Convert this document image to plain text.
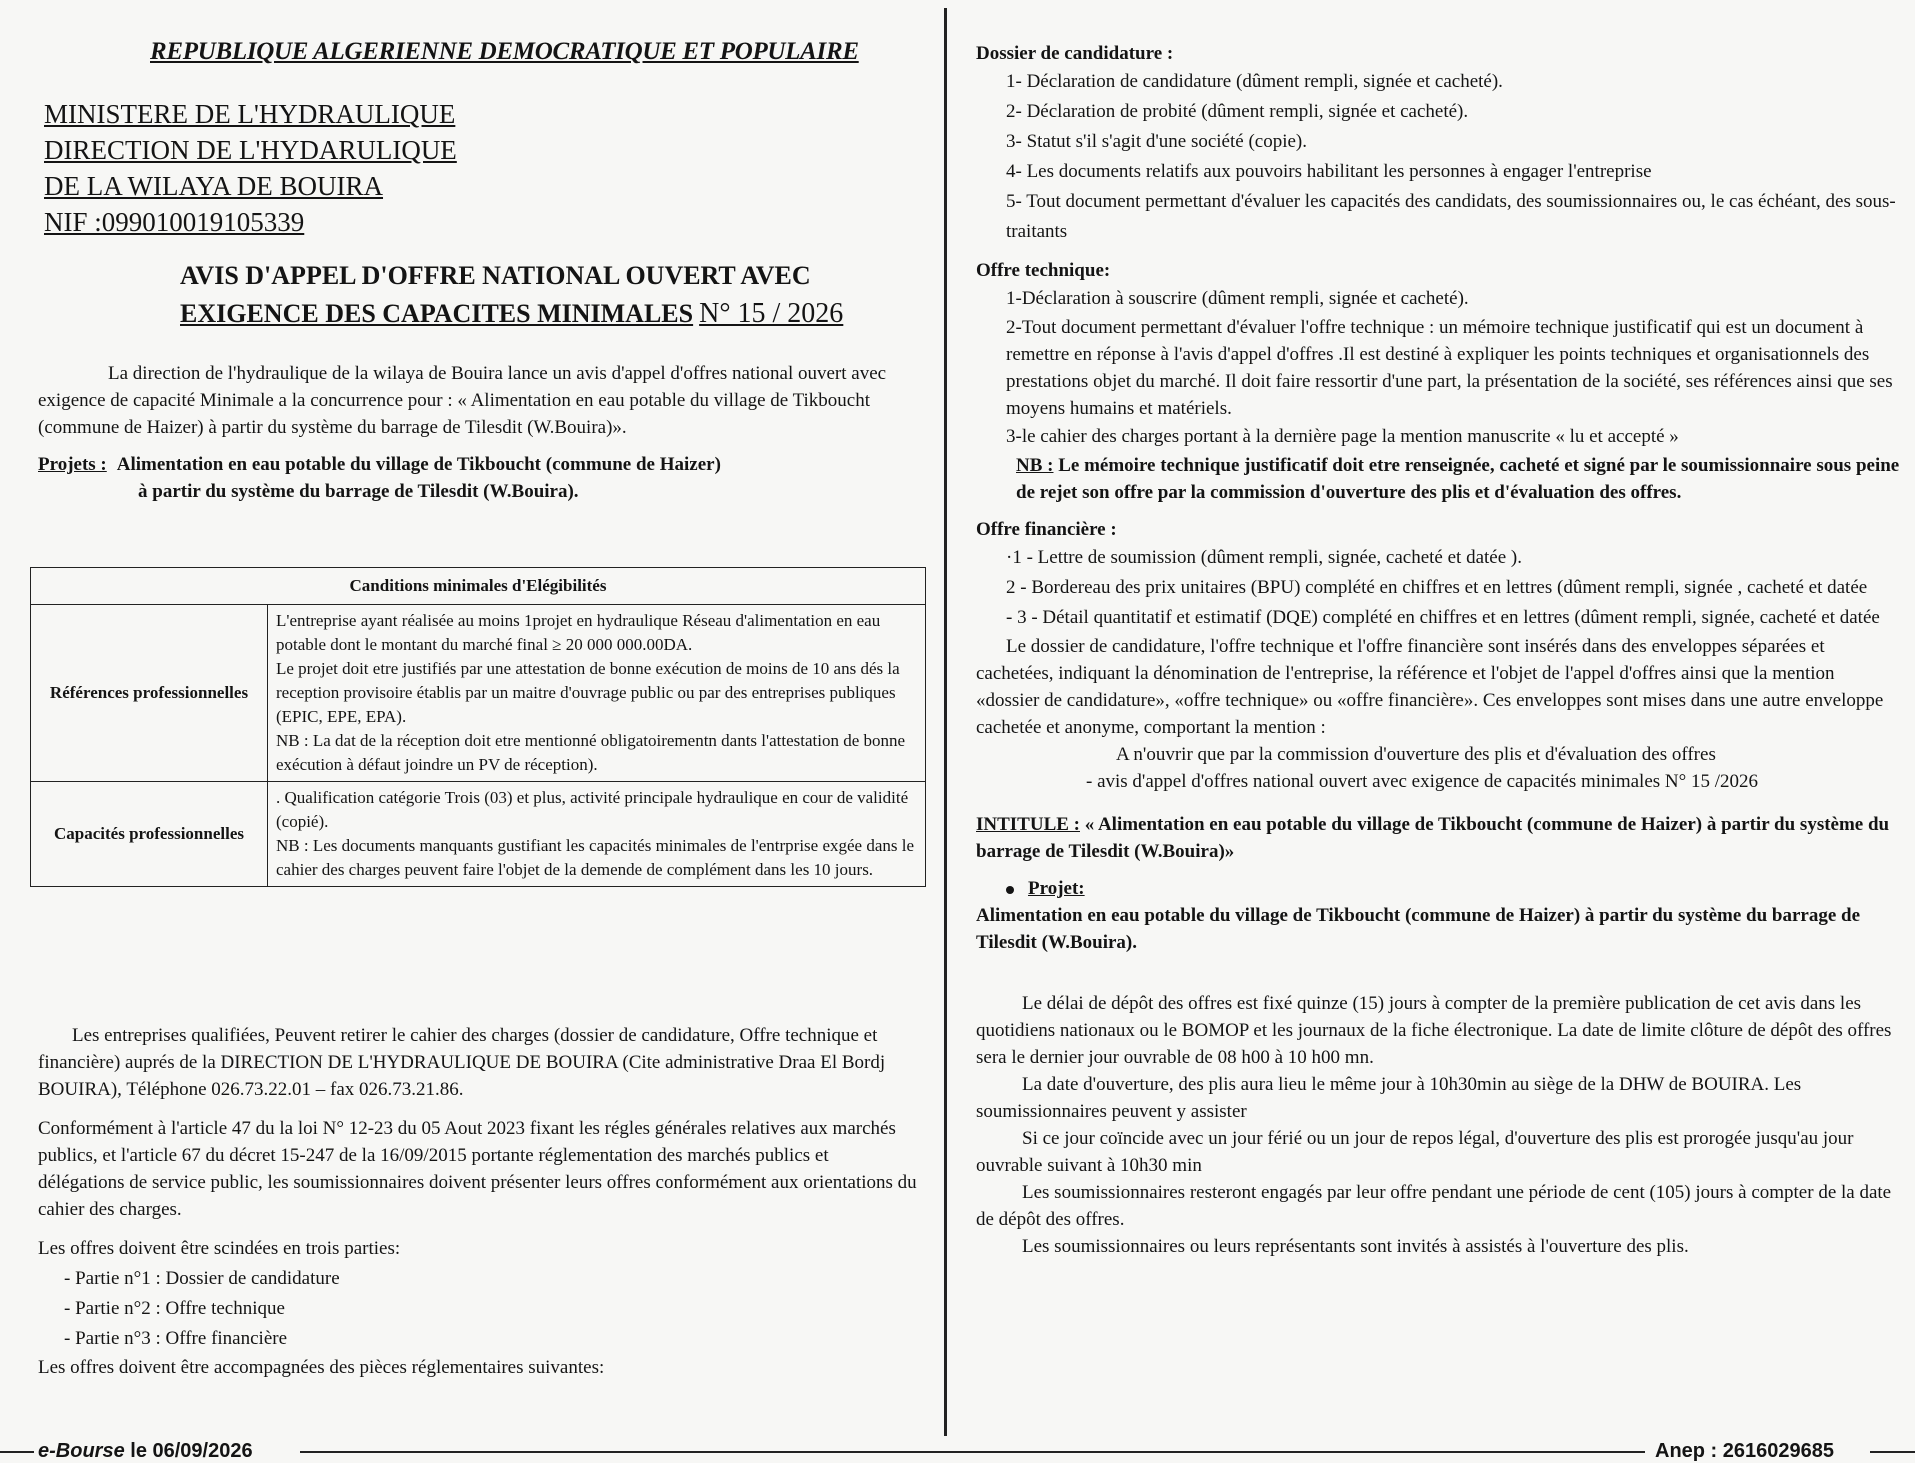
REPUBLIQUE ALGERIENNE DEMOCRATIQUE ET POPULAIRE
MINISTERE DE L'HYDRAULIQUE
DIRECTION DE L'HYDARULIQUE
DE LA WILAYA DE BOUIRA
NIF :099010019105339
AVIS D'APPEL D'OFFRE NATIONAL OUVERT AVEC
EXIGENCE DES CAPACITES MINIMALES N° 15 / 2026

La direction de l'hydraulique de la wilaya de Bouira lance un avis d'appel d'offres national ouvert avec exigence de capacité Minimale a la concurrence pour : « Alimentation en eau potable du village de Tikboucht (commune de Haizer) à partir du système du barrage de Tilesdit (W.Bouira)».

Projets : Alimentation en eau potable du village de Tikboucht (commune de Haizer)
à partir du système du barrage de Tilesdit (W.Bouira).
Canditions minimales d'Elégibilités	
Références professionnelles	L'entreprise ayant réalisée au moins 1projet en hydraulique Réseau d'alimentation en eau potable dont le montant du marché final ≥ 20 000 000.00DA.
Le projet doit etre justifiés par une attestation de bonne exécution de moins de 10 ans dés la reception provisoire établis par un maitre d'ouvrage public ou par des entreprises publiques (EPIC, EPE, EPA).
NB : La dat de la réception doit etre mentionné obligatoirementn dants l'attestation de bonne exécution à défaut joindre un PV de réception).

Capacités professionnelles	. Qualification catégorie Trois (03) et plus, activité principale hydraulique en cour de validité (copié).
NB : Les documents manquants gustifiant les capacités minimales de l'entrprise exgée dans le cahier des charges peuvent faire l'objet de la demende de complément dans les 10 jours.

Les entreprises qualifiées, Peuvent retirer le cahier des charges (dossier de candidature, Offre technique et financière) auprés de la DIRECTION DE L'HYDRAULIQUE DE BOUIRA (Cite administrative Draa El Bordj BOUIRA), Téléphone 026.73.22.01 – fax 026.73.21.86.

Conformément à l'article 47 du la loi N° 12-23 du 05 Aout 2023 fixant les régles générales relatives aux marchés publics, et l'article 67 du décret 15-247 de la 16/09/2015 portante réglementation des marchés publics et délégations de service public, les soumissionnaires doivent présenter leurs offres conformément aux orientations du cahier des charges.

Les offres doivent être scindées en trois parties:

- Partie n°1 : Dossier de candidature
- Partie n°2 : Offre technique
- Partie n°3 : Offre financière

Les offres doivent être accompagnées des pièces réglementaires suivantes:

Dossier de candidature :
1- Déclaration de candidature (dûment rempli, signée et cacheté).
2- Déclaration de probité (dûment rempli, signée et cacheté).
3- Statut s'il s'agit d'une société (copie).
4- Les documents relatifs aux pouvoirs habilitant les personnes à engager l'entreprise
5- Tout document permettant d'évaluer les capacités des candidats, des soumissionnaires ou, le cas échéant, des sous-traitants
Offre technique:
1-Déclaration à souscrire (dûment rempli, signée et cacheté).
2-Tout document permettant d'évaluer l'offre technique : un mémoire technique justificatif qui est un document à remettre en réponse à l'avis d'appel d'offres .Il est destiné à expliquer les points techniques et organisationnels des prestations objet du marché. Il doit faire ressortir d'une part, la présentation de la société, ses références ainsi que ses moyens humains et matériels.
3-le cahier des charges portant à la dernière page la mention manuscrite « lu et accepté »
NB : Le mémoire technique justificatif doit etre renseignée, cacheté et signé par le soumissionnaire sous peine de rejet son offre par la commission d'ouverture des plis et d'évaluation des offres.
Offre financière :
·1 - Lettre de soumission (dûment rempli, signée, cacheté et datée ).
2 - Bordereau des prix unitaires (BPU) complété en chiffres et en lettres (dûment rempli, signée , cacheté et datée
- 3 - Détail quantitatif et estimatif (DQE) complété en chiffres et en lettres (dûment rempli, signée, cacheté et datée

Le dossier de candidature, l'offre technique et l'offre financière sont insérés dans des enveloppes séparées et cachetées, indiquant la dénomination de l'entreprise, la référence et l'objet de l'appel d'offres ainsi que la mention «dossier de candidature», «offre technique» ou «offre financière». Ces enveloppes sont mises dans une autre enveloppe cachetée et anonyme, comportant la mention :

A n'ouvrir que par la commission d'ouverture des plis et d'évaluation des offres
- avis d'appel d'offres national ouvert avec exigence de capacités minimales N° 15 /2026
INTITULE : « Alimentation en eau potable du village de Tikboucht (commune de Haizer) à partir du système du barrage de Tilesdit (W.Bouira)»
Projet:
Alimentation en eau potable du village de Tikboucht (commune de Haizer) à partir du système du barrage de Tilesdit (W.Bouira).

Le délai de dépôt des offres est fixé quinze (15) jours à compter de la première publication de cet avis dans les quotidiens nationaux ou le BOMOP et les journaux de la fiche électronique. La date de limite clôture de dépôt des offres sera le dernier jour ouvrable de 08 h00 à 10 h00 mn.

La date d'ouverture, des plis aura lieu le même jour à 10h30min au siège de la DHW de BOUIRA. Les soumissionnaires peuvent y assister

Si ce jour coïncide avec un jour férié ou un jour de repos légal, d'ouverture des plis est prorogée jusqu'au jour ouvrable suivant à 10h30 min

Les soumissionnaires resteront engagés par leur offre pendant une période de cent (105) jours à compter de la date de dépôt des offres.

Les soumissionnaires ou leurs représentants sont invités à assistés à l'ouverture des plis.

e-Bourse le 06/09/2026	Anep : 2616029685
